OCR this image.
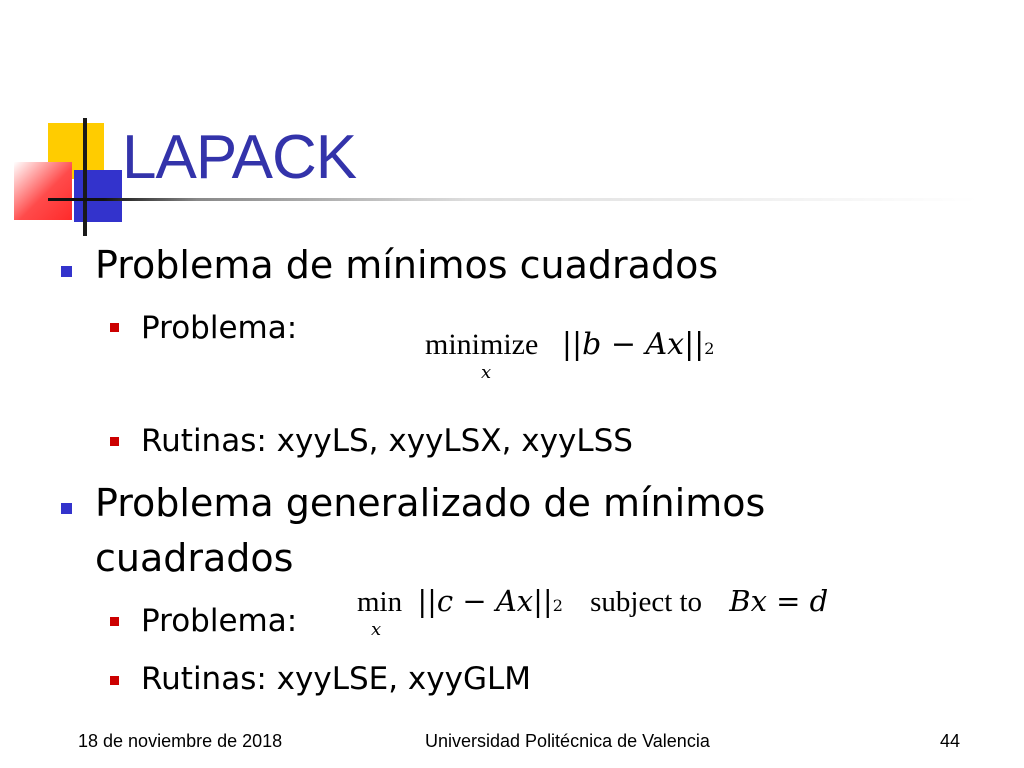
LAPACK
Problema de mínimos cuadrados
Problema:	minimize ||b − Ax||2
x
Rutinas: xyyLS, xyyLSX, xyyLSS
Problema generalizado de mínimos
cuadrados
min ||c − Ax||2 subject to Bx = d
x
Problema:
Rutinas: xyyLSE, xyyGLM
18 de noviembre de 2018	Universidad Politécnica de Valencia	44
